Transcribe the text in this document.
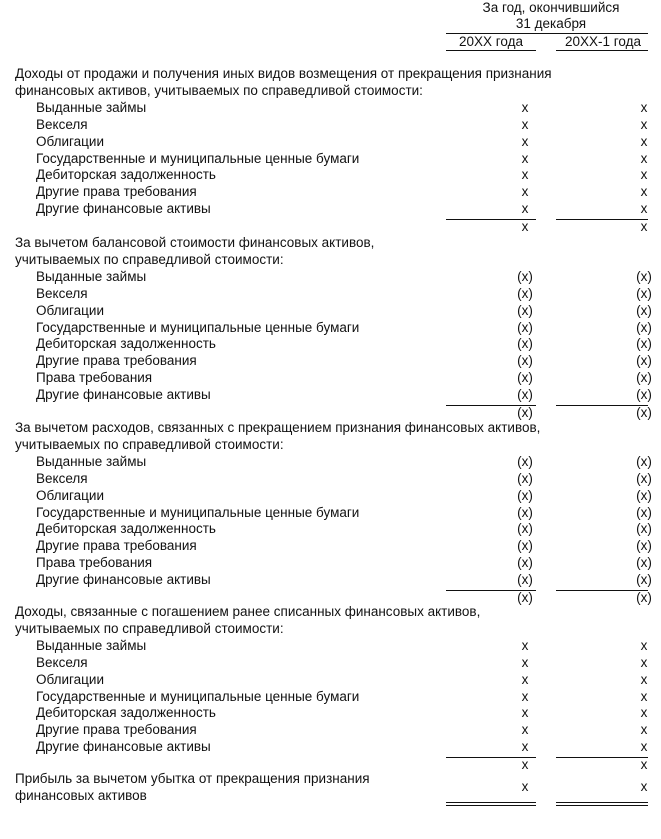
За год, окончившийся
31 декабря
20XX года	20XX-1 года
Доходы от продажи и получения иных видов возмещения от прекращения признания
финансовых активов, учитываемых по справедливой стоимости:
Выданные займы	x	x
Векселя	x	x
Облигации	x	x
Государственные и муниципальные ценные бумаги	x	x
Дебиторская задолженность	x	x
Другие права требования	x	x
Другие финансовые активы	x	x
x	x
За вычетом балансовой стоимости финансовых активов,
учитываемых по справедливой стоимости:
Выданные займы	(x)	(x)
Векселя	(x)	(x)
Облигации	(x)	(x)
Государственные и муниципальные ценные бумаги	(x)	(x)
Дебиторская задолженность	(x)	(x)
Другие права требования	(x)	(x)
Права требования	(x)	(x)
Другие финансовые активы	(x)	(x)
(x)	(x)
За вычетом расходов, связанных с прекращением признания финансовых активов,
учитываемых по справедливой стоимости:
Выданные займы	(x)	(x)
Векселя	(x)	(x)
Облигации	(x)	(x)
Государственные и муниципальные ценные бумаги	(x)	(x)
Дебиторская задолженность	(x)	(x)
Другие права требования	(x)	(x)
Права требования	(x)	(x)
Другие финансовые активы	(x)	(x)
(x)	(x)
Доходы, связанные с погашением ранее списанных финансовых активов,
учитываемых по справедливой стоимости:
Выданные займы	x	x
Векселя	x	x
Облигации	x	x
Государственные и муниципальные ценные бумаги	x	x
Дебиторская задолженность	x	x
Другие права требования	x	x
Другие финансовые активы	x	x
x	x
Прибыль за вычетом убытка от прекращения признания
финансовых активов
x	x
